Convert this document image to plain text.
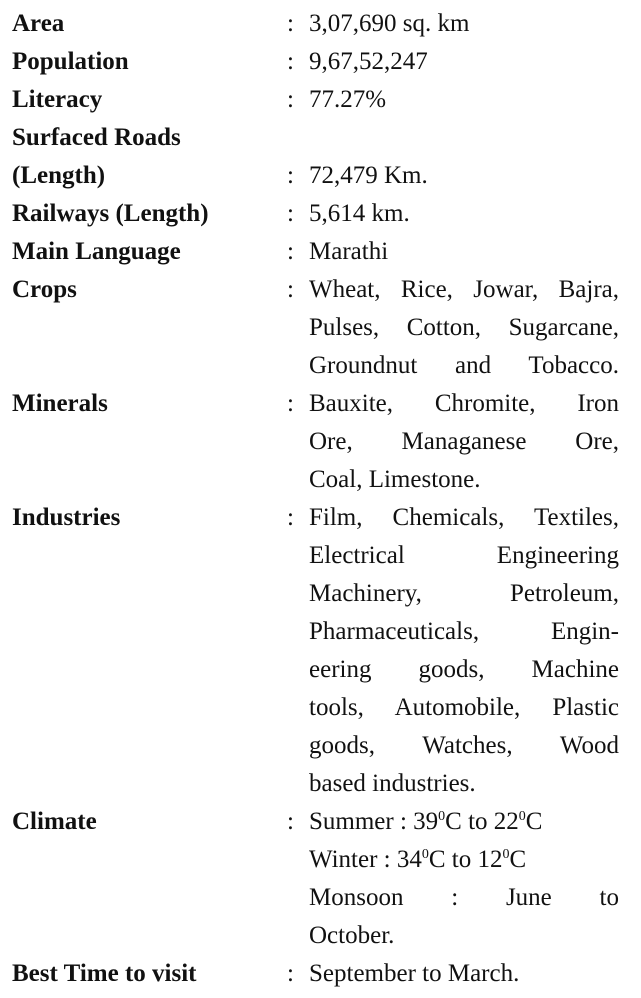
Area	: 3,07,690 sq. km
Population	: 9,67,52,247
Literacy	: 77.27%
Surfaced Roads
(Length)	: 72,479 Km.
Railways (Length)	: 5,614 km.
Main Language	: Marathi
Crops	: Wheat, Rice, Jowar, Bajra,
Pulses, Cotton, Sugarcane,
Groundnut and Tobacco.
Minerals	: Bauxite, Chromite, Iron
Ore, Managanese Ore,
Coal, Limestone.
Industries	: Film, Chemicals, Textiles,
Electrical Engineering
Machinery, Petroleum,
Pharmaceuticals, Engin-
eering goods, Machine
tools, Automobile, Plastic
goods, Watches, Wood
based industries.
Climate	: Summer : $39^0C$ to $22^0C$
Winter : $34^0C$ to $12^0C$
Monsoon : June to
October.
Best Time to visit	: September to March.
